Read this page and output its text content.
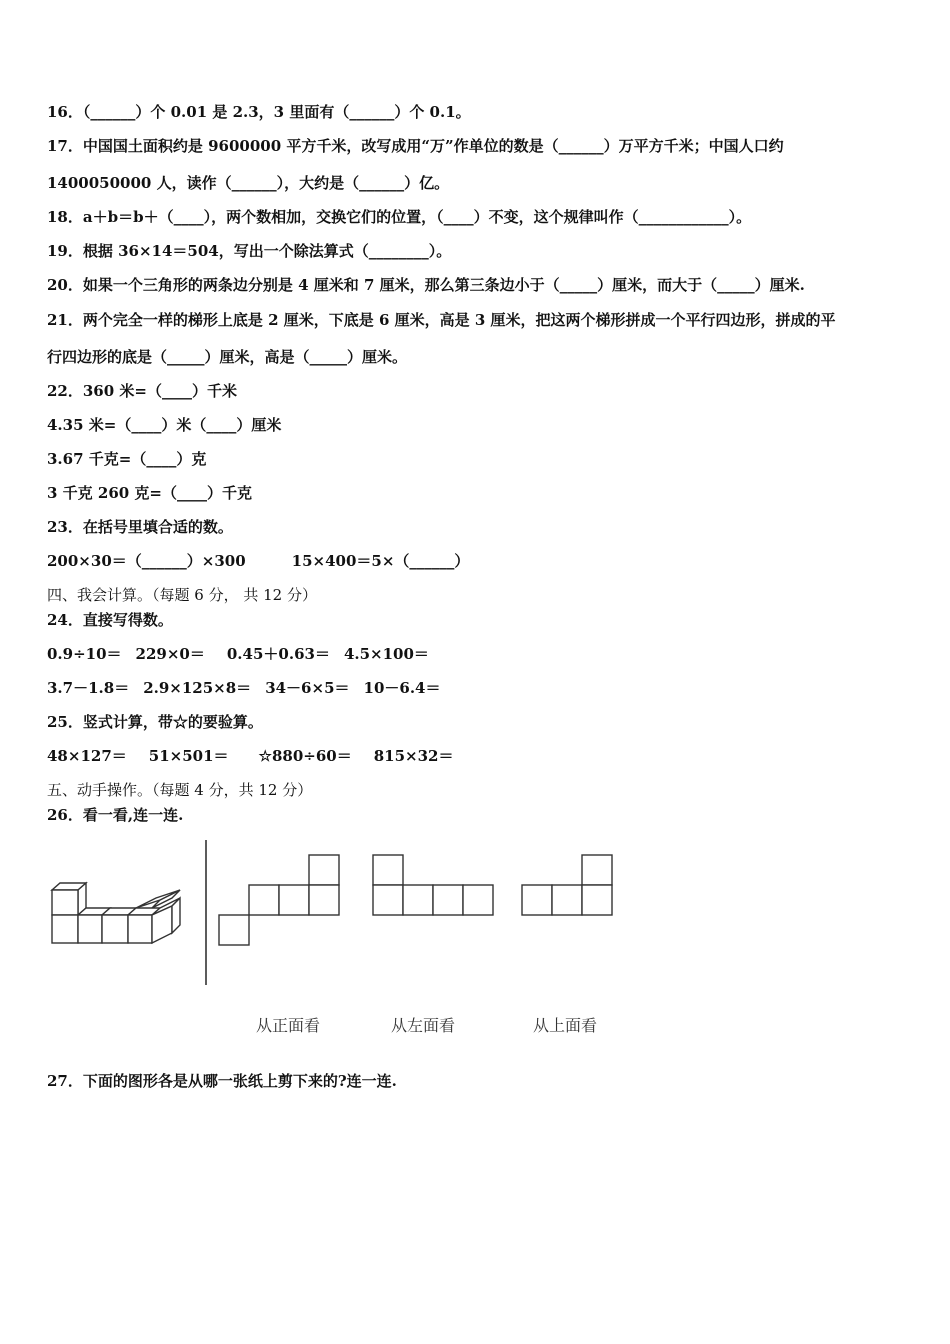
16．（______）个 0.01 是 2.3，3 里面有（______）个 0.1。
17．中国国土面积约是 9600000 平方千米，改写成用“万”作单位的数是（______）万平方千米；中国人口约
1400050000 人，读作（______），大约是（______）亿。
18．a＋b＝b＋（____），两个数相加，交换它们的位置，（____）不变，这个规律叫作（____________）。
19．根据 36×14＝504，写出一个除法算式（________）。
20．如果一个三角形的两条边分别是 4 厘米和 7 厘米，那么第三条边小于（_____）厘米，而大于（_____）厘米.
21．两个完全一样的梯形上底是 2 厘米，下底是 6 厘米，高是 3 厘米，把这两个梯形拼成一个平行四边形，拼成的平
行四边形的底是（_____）厘米，高是（_____）厘米。
22．360 米=（____）千米
4.35 米=（____）米（____）厘米
3.67 千克=（____）克
3 千克 260 克=（____）千克
23．在括号里填合适的数。
200×30＝（______）×300	15×400＝5×（______）
四、我会计算。（每题 6 分， 共 12 分）
24．直接写得数。
0.9÷10＝ 229×0＝ 0.45＋0.63＝ 4.5×100＝
3.7－1.8＝ 2.9×125×8＝ 34－6×5＝ 10－6.4＝
25．竖式计算，带☆的要验算。
48×127＝ 51×501＝ ☆880÷60＝ 815×32＝
五、动手操作。（每题 4 分，共 12 分）
26．看一看,连一连.
从正面看	从左面看	从上面看
27．下面的图形各是从哪一张纸上剪下来的?连一连.
